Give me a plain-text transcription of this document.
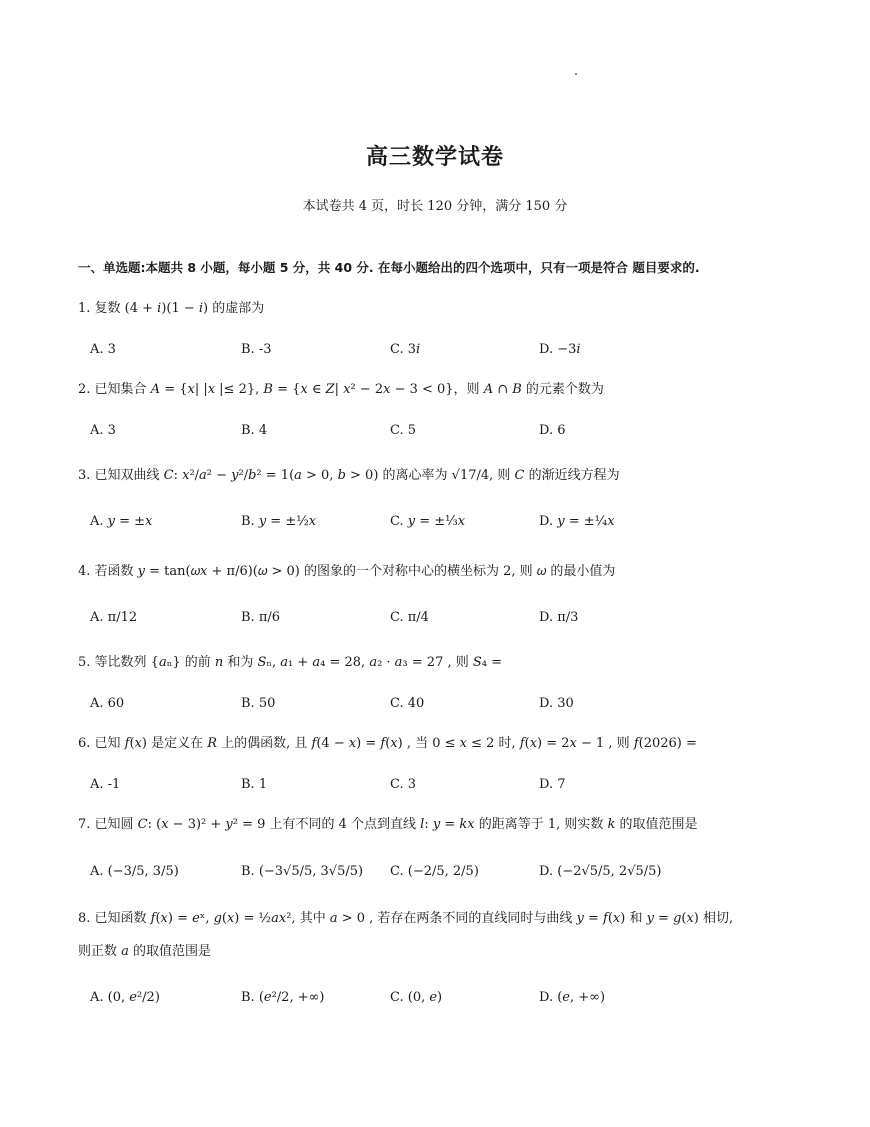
高三数学试卷
本试卷共 4 页，时长 120 分钟，满分 150 分
一、单选题:本题共 8 小题，每小题 5 分，共 40 分. 在每小题给出的四个选项中，只有一项是符合 题目要求的.
1. 复数 (4 + 𝑖)(1 − 𝑖) 的虚部为
A. 3	B. -3	C. 3𝑖	D. −3𝑖
2. 已知集合 𝐴 = {𝑥| |𝑥 |≤ 2}, 𝐵 = {𝑥 ∈ 𝑍| 𝑥² − 2𝑥 − 3 < 0}，则 𝐴 ∩ 𝐵 的元素个数为
A. 3	B. 4	C. 5	D. 6
3. 已知双曲线 𝐶: 𝑥²/𝑎² − 𝑦²/𝑏² = 1(𝑎 > 0, 𝑏 > 0) 的离心率为 √17/4, 则 𝐶 的渐近线方程为
A. 𝑦 = ±𝑥	B. 𝑦 = ±½𝑥	C. 𝑦 = ±⅓𝑥	D. 𝑦 = ±¼𝑥
4. 若函数 𝑦 = tan(𝜔𝑥 + π/6)(𝜔 > 0) 的图象的一个对称中心的横坐标为 2, 则 𝜔 的最小值为
A. π/12	B. π/6	C. π/4	D. π/3
5. 等比数列 {𝑎ₙ} 的前 𝑛 和为 𝑆ₙ, 𝑎₁ + 𝑎₄ = 28, 𝑎₂ · 𝑎₃ = 27 , 则 𝑆₄ =
A. 60	B. 50	C. 40	D. 30
6. 已知 𝑓(𝑥) 是定义在 𝑅 上的偶函数, 且 𝑓(4 − 𝑥) = 𝑓(𝑥) , 当 0 ≤ 𝑥 ≤ 2 时, 𝑓(𝑥) = 2𝑥 − 1 , 则 𝑓(2026) =
A. -1	B. 1	C. 3	D. 7
7. 已知圆 𝐶: (𝑥 − 3)² + 𝑦² = 9 上有不同的 4 个点到直线 𝑙: 𝑦 = 𝑘𝑥 的距离等于 1, 则实数 𝑘 的取值范围是
A. (−3/5, 3/5)	B. (−3√5/5, 3√5/5) C. (−2/5, 2/5)	D. (−2√5/5, 2√5/5)
8. 已知函数 𝑓(𝑥) = 𝑒ˣ, 𝑔(𝑥) = ½𝑎𝑥², 其中 𝑎 > 0 , 若存在两条不同的直线同时与曲线 𝑦 = 𝑓(𝑥) 和 𝑦 = 𝑔(𝑥) 相切,
则正数 𝑎 的取值范围是
A. (0, 𝑒²/2)	B. (𝑒²/2, +∞)	C. (0, 𝑒)	D. (𝑒, +∞)
